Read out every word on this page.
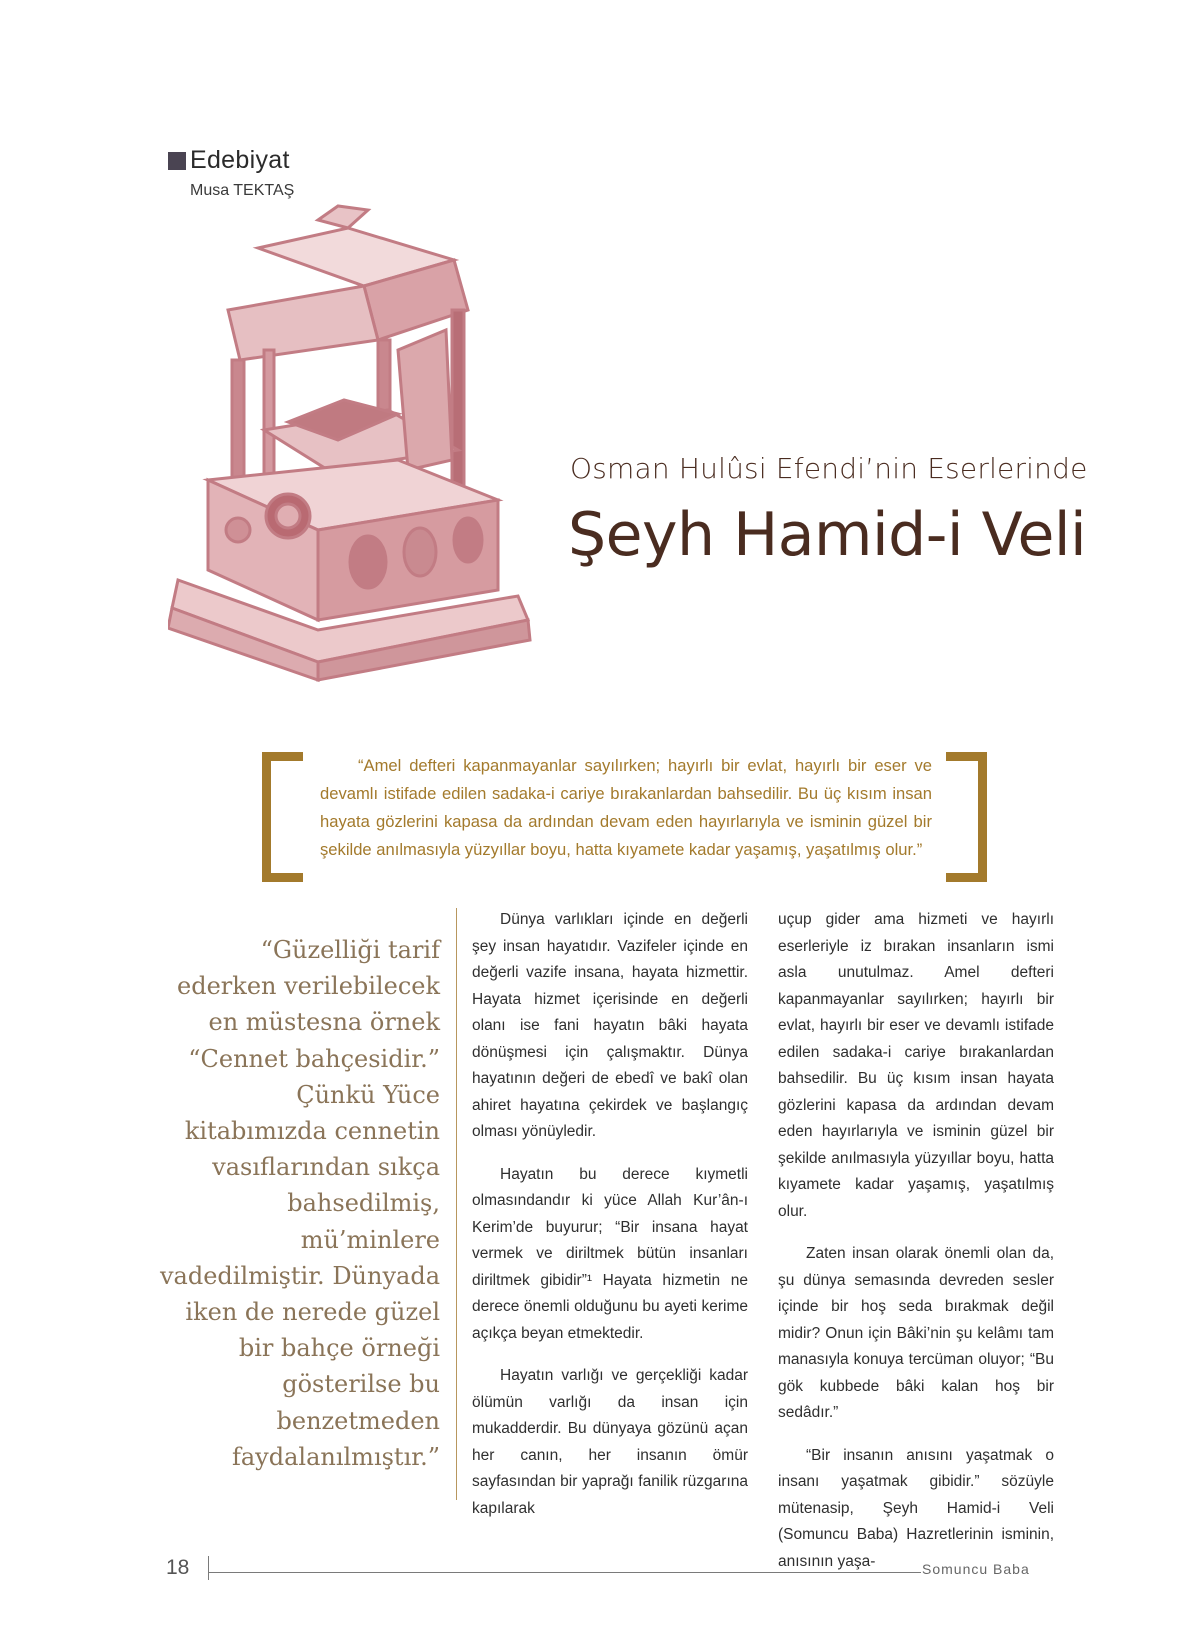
Edebiyat
Musa TEKTAŞ
Osman Hulûsi Efendi’nin Eserlerinde
Şeyh Hamid-i Veli
“Amel defteri kapanmayanlar sayılırken; hayırlı bir evlat, hayırlı bir eser ve devamlı istifade edilen sadaka-i cariye bırakanlardan bahsedilir. Bu üç kısım insan hayata gözlerini kapasa da ardından devam eden hayırlarıyla ve isminin güzel bir şekilde anılmasıyla yüzyıllar boyu, hatta kıyamete kadar yaşamış, yaşatılmış olur.”
“Güzelliği tarif ederken verilebilecek en müstesna örnek “Cennet bahçesidir.” Çünkü Yüce kitabımızda cennetin vasıflarından sıkça bahsedilmiş, mü’minlere vadedilmiştir. Dünyada iken de nerede güzel bir bahçe örneği gösterilse bu benzetmeden faydalanılmıştır.”

Dünya varlıkları içinde en değerli şey insan hayatıdır. Vazifeler içinde en değerli vazife insana, hayata hizmettir. Hayata hizmet içerisinde en değerli olanı ise fani hayatın bâki hayata dönüşmesi için çalışmaktır. Dünya hayatının değeri de ebedî ve bakî olan ahiret hayatına çekirdek ve başlangıç olması yönüyledir.

Hayatın bu derece kıymetli olmasındandır ki yüce Allah Kur’ân-ı Kerim’de buyurur; “Bir insana hayat vermek ve diriltmek bütün insanları diriltmek gibidir”¹ Hayata hizmetin ne derece önemli olduğunu bu ayeti kerime açıkça beyan etmektedir.

Hayatın varlığı ve gerçekliği kadar ölümün varlığı da insan için mukadderdir. Bu dünyaya gözünü açan her canın, her insanın ömür sayfasından bir yaprağı fanilik rüzgarına kapılarak

uçup gider ama hizmeti ve hayırlı eserleriyle iz bırakan insanların ismi asla unutulmaz. Amel defteri kapanmayanlar sayılırken; hayırlı bir evlat, hayırlı bir eser ve devamlı istifade edilen sadaka-i cariye bırakanlardan bahsedilir. Bu üç kısım insan hayata gözlerini kapasa da ardından devam eden hayırlarıyla ve isminin güzel bir şekilde anılmasıyla yüzyıllar boyu, hatta kıyamete kadar yaşamış, yaşatılmış olur.

Zaten insan olarak önemli olan da, şu dünya semasında devreden sesler içinde bir hoş seda bırakmak değil midir? Onun için Bâki’nin şu kelâmı tam manasıyla konuya tercüman oluyor; “Bu gök kubbede bâki kalan hoş bir sedâdır.”

“Bir insanın anısını yaşatmak o insanı yaşatmak gibidir.” sözüyle mütenasip, Şeyh Hamid-i Veli (Somuncu Baba) Hazretlerinin isminin, anısının yaşa-

18	Somuncu Baba
